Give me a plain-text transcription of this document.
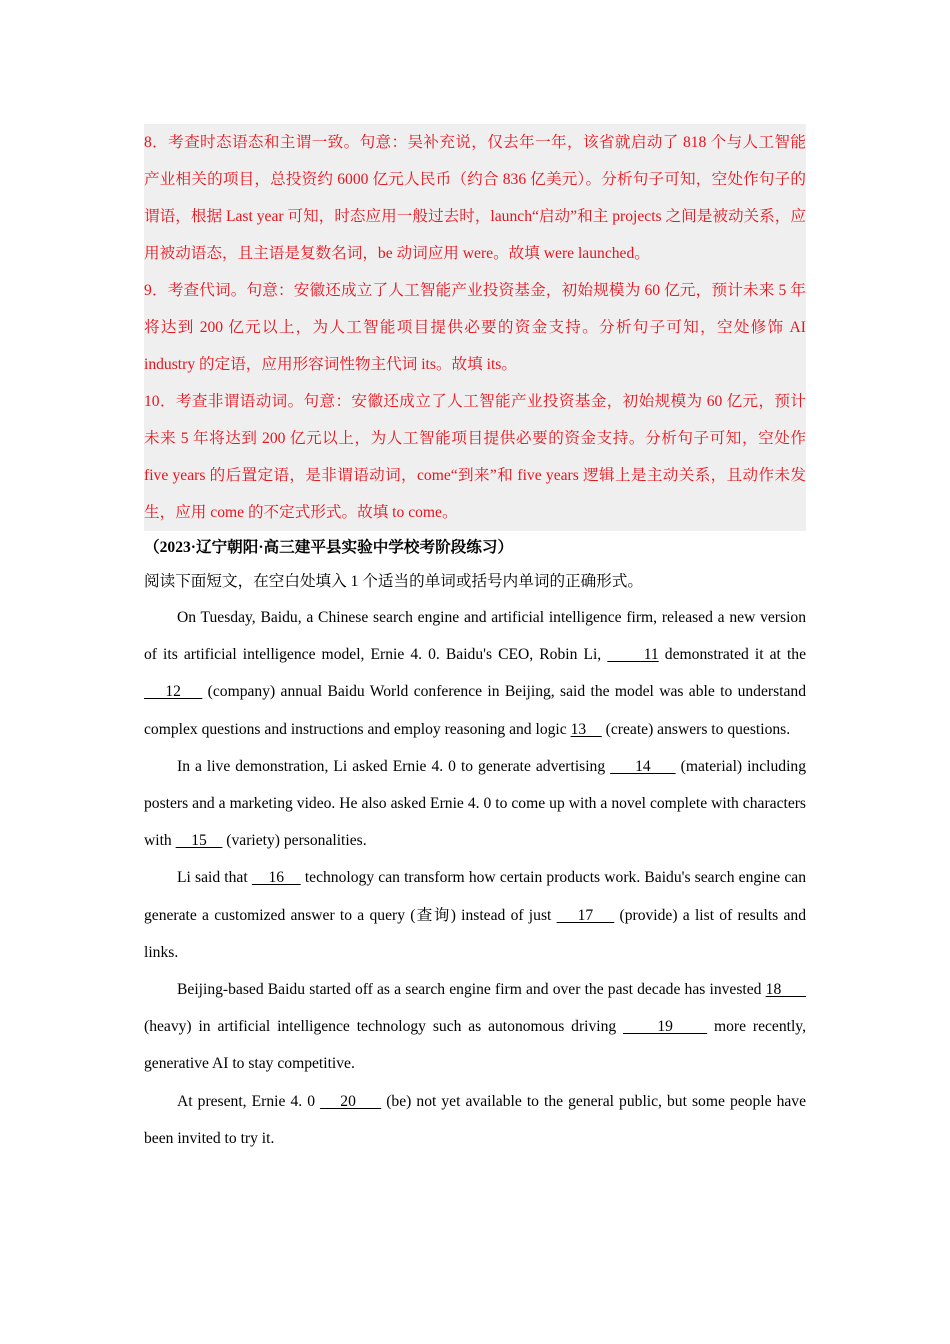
8．考查时态语态和主谓一致。句意：吴补充说，仅去年一年，该省就启动了 818 个与人工智能产业相关的项目，总投资约 6000 亿元人民币（约合 836 亿美元）。分析句子可知，空处作句子的谓语，根据 Last year 可知，时态应用一般过去时，launch“启动”和主 projects 之间是被动关系，应用被动语态，且主语是复数名词，be 动词应用 were。故填 were launched。

9．考查代词。句意：安徽还成立了人工智能产业投资基金，初始规模为 60 亿元，预计未来 5 年将达到 200 亿元以上，为人工智能项目提供必要的资金支持。分析句子可知，空处修饰 AI industry 的定语，应用形容词性物主代词 its。故填 its。

10．考查非谓语动词。句意：安徽还成立了人工智能产业投资基金，初始规模为 60 亿元，预计未来 5 年将达到 200 亿元以上，为人工智能项目提供必要的资金支持。分析句子可知，空处作 five years 的后置定语，是非谓语动词，come“到来”和 five years 逻辑上是主动关系，且动作未发生，应用 come 的不定式形式。故填 to come。

（2023·辽宁朝阳·高三建平县实验中学校考阶段练习）

阅读下面短文，在空白处填入 1 个适当的单词或括号内单词的正确形式。

On Tuesday, Baidu, a Chinese search engine and artificial intelligence firm, released a new version of its artificial intelligence model, Ernie 4. 0. Baidu's CEO, Robin Li,       11 demonstrated it at the     12     (company) annual Baidu World conference in Beijing, said the model was able to understand complex questions and instructions and employ reasoning and logic 13     (create) answers to questions.

In a live demonstration, Li asked Ernie 4. 0 to generate advertising      14      (material) including posters and a marketing video. He also asked Ernie 4. 0 to come up with a novel complete with characters with     15     (variety) personalities.

Li said that     16     technology can transform how certain products work. Baidu's search engine can generate a customized answer to a query (查询) instead of just     17     (provide) a list of results and links.

Beijing-based Baidu started off as a search engine firm and over the past decade has invested 18       (heavy) in artificial intelligence technology such as autonomous driving      19      more recently, generative AI to stay competitive.

At present, Ernie 4. 0     20      (be) not yet available to the general public, but some people have been invited to try it.
